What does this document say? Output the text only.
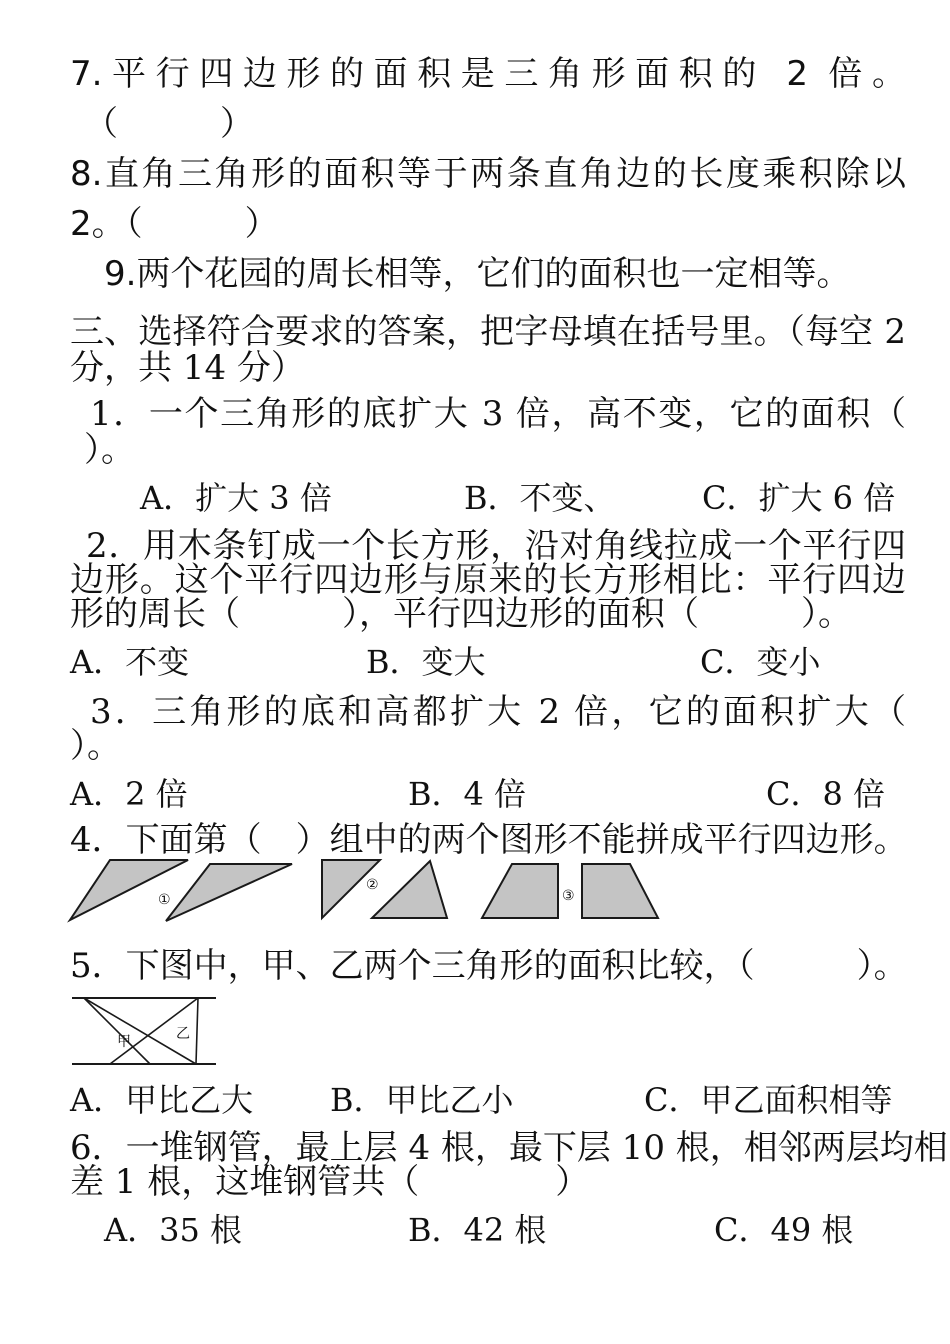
7.平行四边形的面积是三角形面积的 2 倍。
（　　　）
8.直角三角形的面积等于两条直角边的长度乘积除以
2。（　　　）
9.两个花园的周长相等，它们的面积也一定相等。
三、选择符合要求的答案，把字母填在括号里。（每空 2
分，共 14 分）
1．一个三角形的底扩大 3 倍，高不变，它的面积（
）。
A．扩大 3 倍	B．不变、	C．扩大 6 倍
2．用木条钉成一个长方形，沿对角线拉成一个平行四
边形。这个平行四边形与原来的长方形相比：平行四边
形的周长（　　　），平行四边形的面积（　　　）。
A．不变	B．变大	C．变小
3．三角形的底和高都扩大 2 倍，它的面积扩大（
）。
A．2 倍	B．4 倍	C．8 倍
4．下面第（　）组中的两个图形不能拼成平行四边形。
①
②
③
5．下图中，甲、乙两个三角形的面积比较，（　　　）。
甲	乙
A．甲比乙大 B．甲比乙小	C．甲乙面积相等
6．一堆钢管，最上层 4 根，最下层 10 根，相邻两层均相
差 1 根，这堆钢管共（　　　　）
A．35 根	B．42 根	C．49 根
